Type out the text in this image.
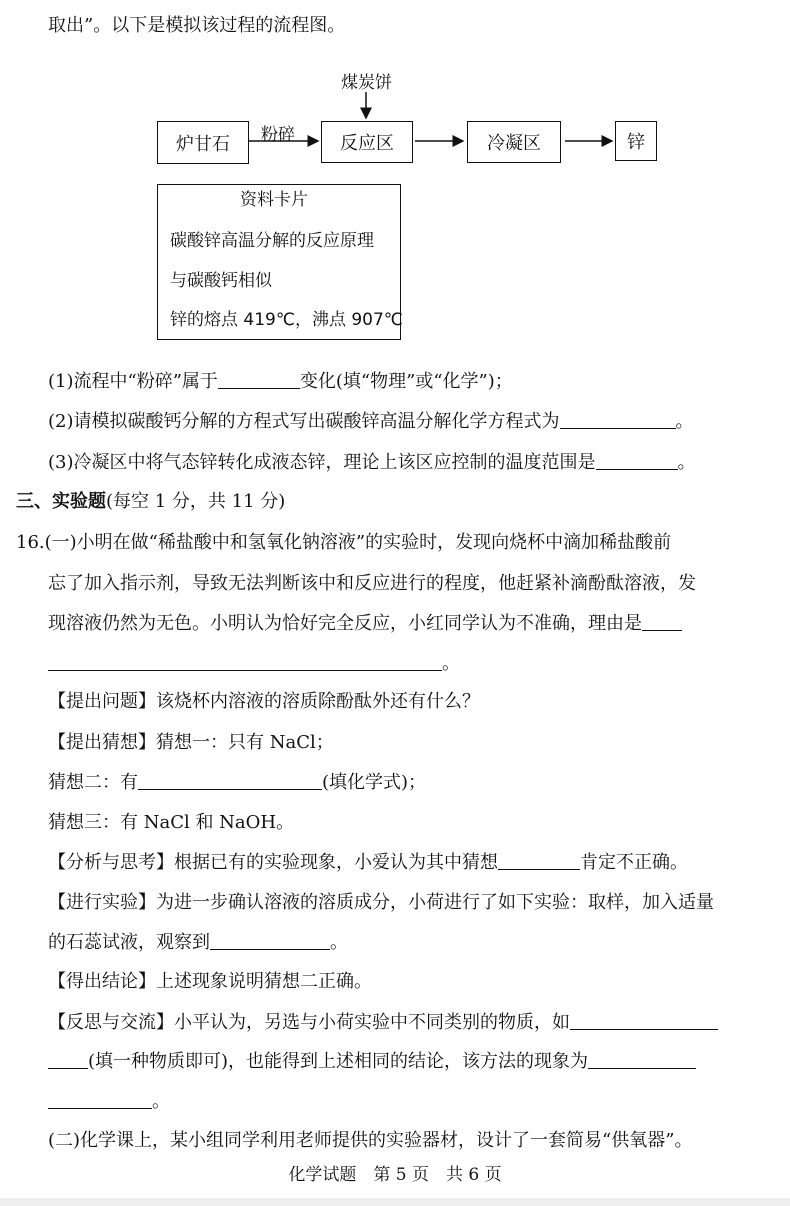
取出”。以下是模拟该过程的流程图。
煤炭饼
炉甘石	粉碎	反应区	冷凝区	锌
资料卡片
碳酸锌高温分解的反应原理
与碳酸钙相似
锌的熔点 419℃，沸点 907℃
(1)流程中“粉碎”属于	变化(填“物理”或“化学”)；
(2)请模拟碳酸钙分解的方程式写出碳酸锌高温分解化学方程式为	。
(3)冷凝区中将气态锌转化成液态锌，理论上该区应控制的温度范围是	。
三、实验题(每空 1 分，共 11 分)
16.(一)小明在做“稀盐酸中和氢氧化钠溶液”的实验时，发现向烧杯中滴加稀盐酸前
忘了加入指示剂，导致无法判断该中和反应进行的程度，他赶紧补滴酚酞溶液，发
现溶液仍然为无色。小明认为恰好完全反应，小红同学认为不准确，理由是
。
【提出问题】该烧杯内溶液的溶质除酚酞外还有什么？
【提出猜想】猜想一：只有 NaCl；
猜想二：有	(填化学式)；
猜想三：有 NaCl 和 NaOH。
【分析与思考】根据已有的实验现象，小爱认为其中猜想	肯定不正确。
【进行实验】为进一步确认溶液的溶质成分，小荷进行了如下实验：取样，加入适量
的石蕊试液，观察到	。
【得出结论】上述现象说明猜想二正确。
【反思与交流】小平认为，另选与小荷实验中不同类别的物质，如
(填一种物质即可)，也能得到上述相同的结论，该方法的现象为
。
(二)化学课上，某小组同学利用老师提供的实验器材，设计了一套简易“供氧器”。
化学试题　第 5 页　共 6 页
